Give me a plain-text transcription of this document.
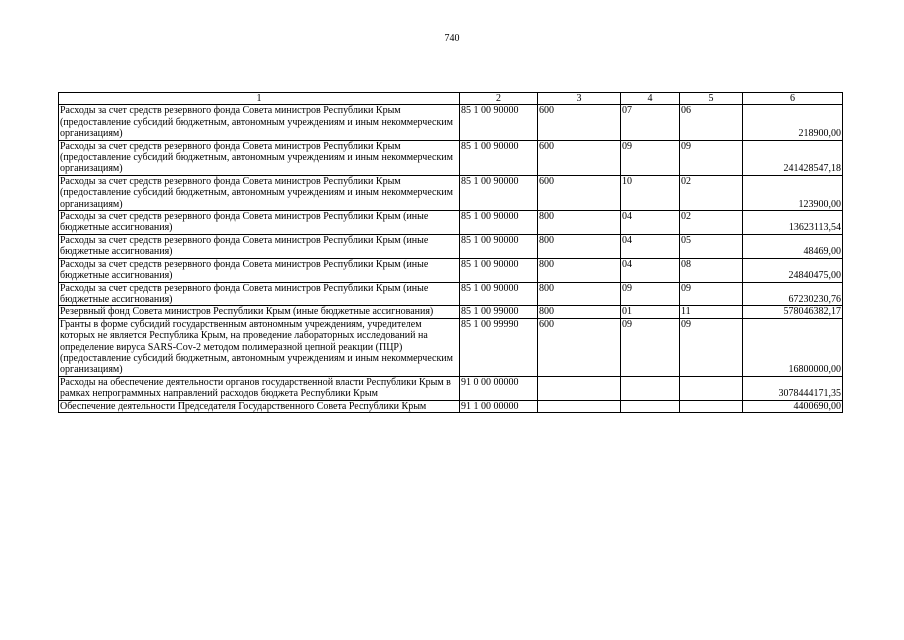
740
1	2	3	4	5	6
Расходы за счет средств резервного фонда Совета министров Республики Крым (предоставление субсидий бюджетным, автономным учреждениям и иным некоммерческим организациям)	85 1 00 90000	600	07	06	218900,00
Расходы за счет средств резервного фонда Совета министров Республики Крым (предоставление субсидий бюджетным, автономным учреждениям и иным некоммерческим организациям)	85 1 00 90000	600	09	09	241428547,18
Расходы за счет средств резервного фонда Совета министров Республики Крым (предоставление субсидий бюджетным, автономным учреждениям и иным некоммерческим организациям)	85 1 00 90000	600	10	02	123900,00
Расходы за счет средств резервного фонда Совета министров Республики Крым (иные бюджетные ассигнования)	85 1 00 90000	800	04	02	13623113,54
Расходы за счет средств резервного фонда Совета министров Республики Крым (иные бюджетные ассигнования)	85 1 00 90000	800	04	05	48469,00
Расходы за счет средств резервного фонда Совета министров Республики Крым (иные бюджетные ассигнования)	85 1 00 90000	800	04	08	24840475,00
Расходы за счет средств резервного фонда Совета министров Республики Крым (иные бюджетные ассигнования)	85 1 00 90000	800	09	09	67230230,76
Резервный фонд Совета министров Республики Крым (иные бюджетные ассигнования)	85 1 00 99000	800	01	11	578046382,17
Гранты в форме субсидий государственным автономным учреждениям, учредителем которых не является Республика Крым, на проведение лабораторных исследований на определение вируса SARS-Cov-2 методом полимеразной цепной реакции (ПЦР) (предоставление субсидий бюджетным, автономным учреждениям и иным некоммерческим организациям)	85 1 00 99990	600	09	09	16800000,00
Расходы на обеспечение деятельности органов государственной власти Республики Крым в рамках непрограммных направлений расходов бюджета Республики Крым	91 0 00 00000				3078444171,35
Обеспечение деятельности Председателя Государственного Совета Республики Крым	91 1 00 00000				4400690,00
